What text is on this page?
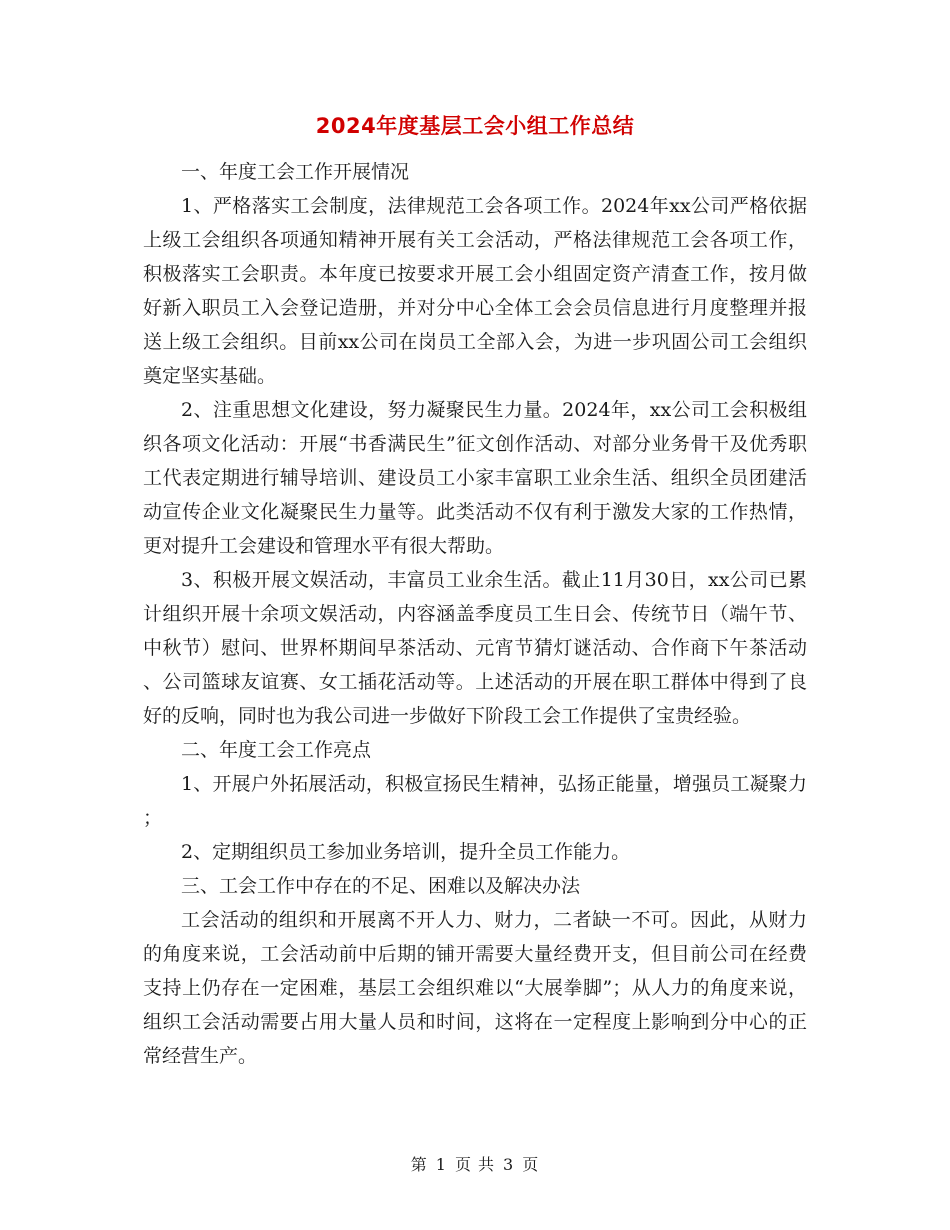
2024年度基层工会小组工作总结

一、年度工会工作开展情况

1、严格落实工会制度，法律规范工会各项工作。2024年xx公司严格依据上级工会组织各项通知精神开展有关工会活动，严格法律规范工会各项工作，积极落实工会职责。本年度已按要求开展工会小组固定资产清查工作，按月做好新入职员工入会登记造册，并对分中心全体工会会员信息进行月度整理并报送上级工会组织。目前xx公司在岗员工全部入会，为进一步巩固公司工会组织奠定坚实基础。

2、注重思想文化建设，努力凝聚民生力量。2024年，xx公司工会积极组织各项文化活动：开展“书香满民生”征文创作活动、对部分业务骨干及优秀职工代表定期进行辅导培训、建设员工小家丰富职工业余生活、组织全员团建活动宣传企业文化凝聚民生力量等。此类活动不仅有利于激发大家的工作热情，更对提升工会建设和管理水平有很大帮助。

3、积极开展文娱活动，丰富员工业余生活。截止11月30日，xx公司已累计组织开展十余项文娱活动，内容涵盖季度员工生日会、传统节日（端午节、中秋节）慰问、世界杯期间早茶活动、元宵节猜灯谜活动、合作商下午茶活动、公司篮球友谊赛、女工插花活动等。上述活动的开展在职工群体中得到了良好的反响，同时也为我公司进一步做好下阶段工会工作提供了宝贵经验。

二、年度工会工作亮点

1、开展户外拓展活动，积极宣扬民生精神，弘扬正能量，增强员工凝聚力；

2、定期组织员工参加业务培训，提升全员工作能力。

三、工会工作中存在的不足、困难以及解决办法

工会活动的组织和开展离不开人力、财力，二者缺一不可。因此，从财力的角度来说，工会活动前中后期的铺开需要大量经费开支，但目前公司在经费支持上仍存在一定困难，基层工会组织难以“大展拳脚”；从人力的角度来说，组织工会活动需要占用大量人员和时间，这将在一定程度上影响到分中心的正常经营生产。

第 1 页 共 3 页
